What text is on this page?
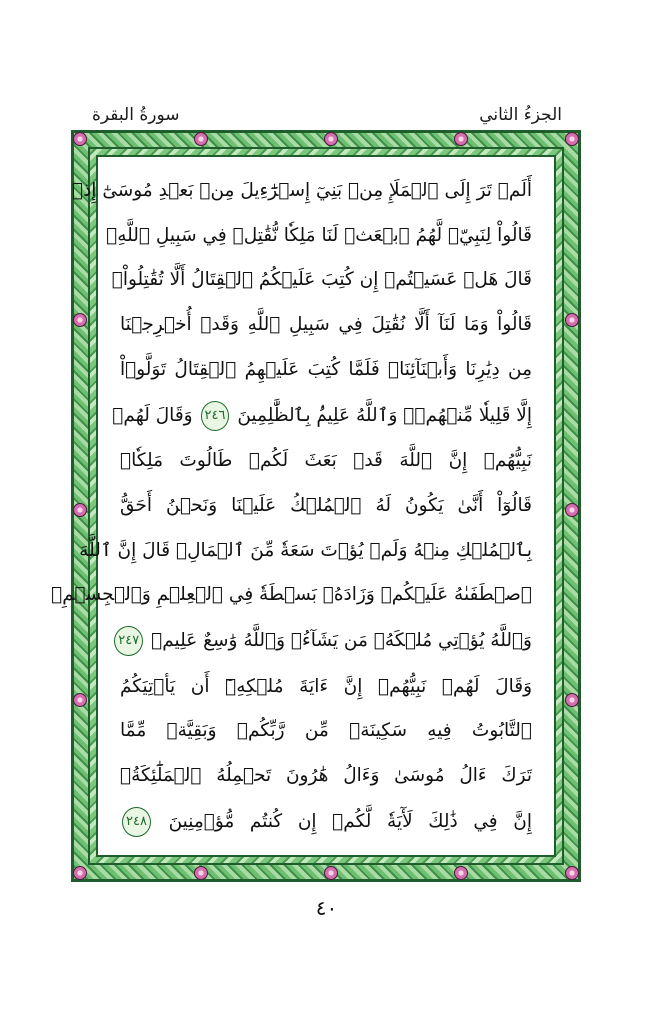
سورةُ البقرة	الجزءُ الثاني
أَلَمۡ تَرَ إِلَى ٱلۡمَلَإِ مِنۢ بَنِيٓ إِسۡرَٰٓءِيلَ مِنۢ بَعۡدِ مُوسَىٰٓ إِذۡ
قَالُواْ لِنَبِيّٖ لَّهُمُ ٱبۡعَثۡ لَنَا مَلِكٗا نُّقَٰتِلۡ فِي سَبِيلِ ٱللَّهِۖ
قَالَ هَلۡ عَسَيۡتُمۡ إِن كُتِبَ عَلَيۡكُمُ ٱلۡقِتَالُ أَلَّا تُقَٰتِلُواْۖ
قَالُواْ وَمَا لَنَآ أَلَّا نُقَٰتِلَ فِي سَبِيلِ ٱللَّهِ وَقَدۡ أُخۡرِجۡنَا
مِن دِيَٰرِنَا وَأَبۡنَآئِنَاۖ فَلَمَّا كُتِبَ عَلَيۡهِمُ ٱلۡقِتَالُ تَوَلَّوۡاْ
إِلَّا قَلِيلٗا مِّنۡهُمۡۚ وَٱللَّهُ عَلِيمُۢ بِٱلظَّٰلِمِينَ ٢٤٦ وَقَالَ لَهُمۡ
نَبِيُّهُمۡ إِنَّ ٱللَّهَ قَدۡ بَعَثَ لَكُمۡ طَالُوتَ مَلِكٗاۚ
قَالُوٓاْ أَنَّىٰ يَكُونُ لَهُ ٱلۡمُلۡكُ عَلَيۡنَا وَنَحۡنُ أَحَقُّ
بِٱلۡمُلۡكِ مِنۡهُ وَلَمۡ يُؤۡتَ سَعَةٗ مِّنَ ٱلۡمَالِۚ قَالَ إِنَّ ٱللَّهَ
ٱصۡطَفَىٰهُ عَلَيۡكُمۡ وَزَادَهُۥ بَسۡطَةٗ فِي ٱلۡعِلۡمِ وَٱلۡجِسۡمِۖ
وَٱللَّهُ يُؤۡتِي مُلۡكَهُۥ مَن يَشَآءُۚ وَٱللَّهُ وَٰسِعٌ عَلِيمٞ ٢٤٧
وَقَالَ لَهُمۡ نَبِيُّهُمۡ إِنَّ ءَايَةَ مُلۡكِهِۦٓ أَن يَأۡتِيَكُمُ
ٱلتَّابُوتُ فِيهِ سَكِينَةٞ مِّن رَّبِّكُمۡ وَبَقِيَّةٞ مِّمَّا
تَرَكَ ءَالُ مُوسَىٰ وَءَالُ هَٰرُونَ تَحۡمِلُهُ ٱلۡمَلَٰٓئِكَةُۚ
إِنَّ فِي ذَٰلِكَ لَأٓيَةٗ لَّكُمۡ إِن كُنتُم مُّؤۡمِنِينَ ٢٤٨
٤٠
